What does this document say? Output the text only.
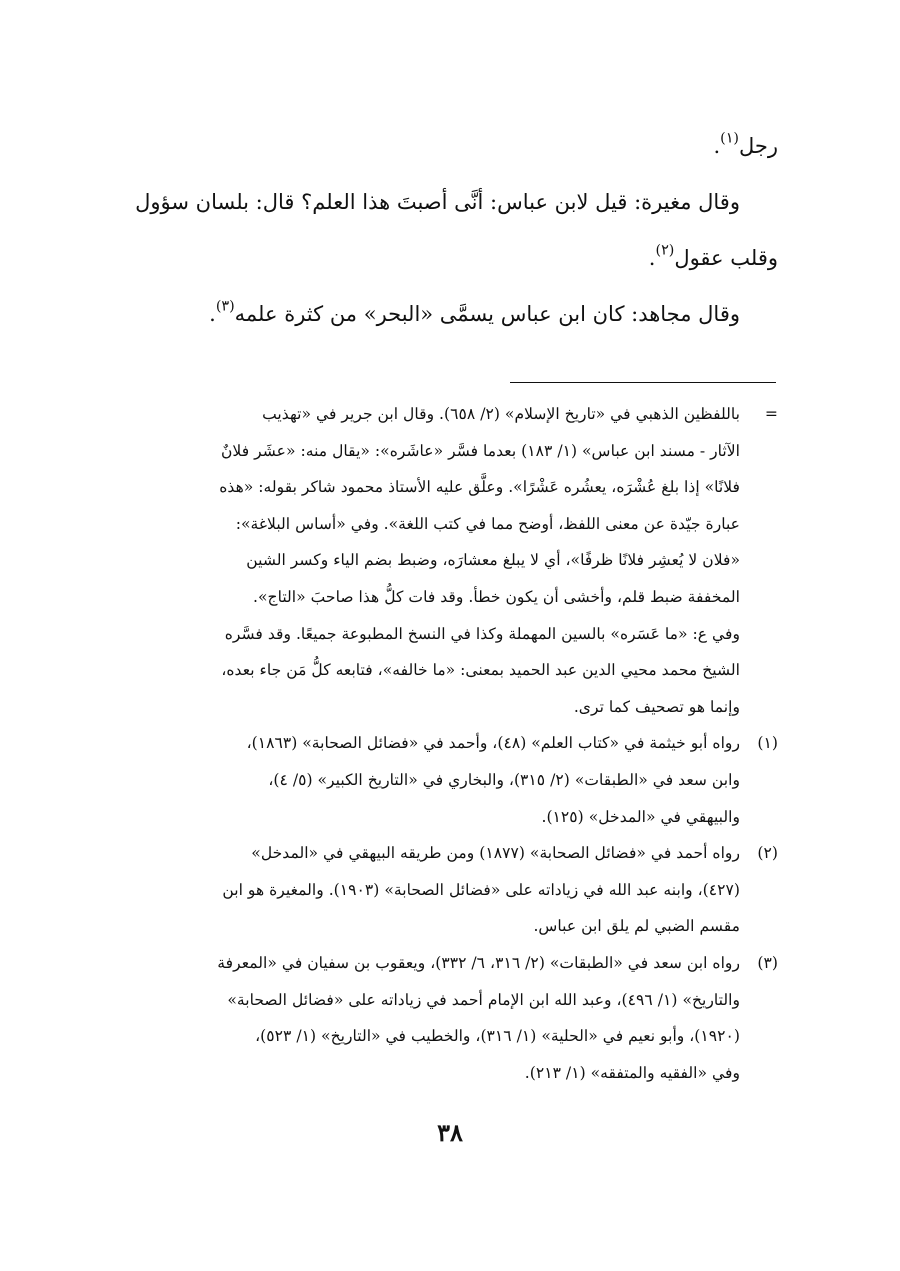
رجل$^{(١)}$.

وقال مغيرة: قيل لابن عباس: أنَّى أصبتَ هذا العلم؟ قال: بلسان سؤول

وقلب عقول$^{(٢)}$.

وقال مجاهد: كان ابن عباس يسمَّى «البحر» من كثرة علمه$^{(٣)}$.

=
باللفظين الذهبي في «تاريخ الإسلام» (٢/ ٦٥٨). وقال ابن جرير في «تهذيب
الآثار - مسند ابن عباس» (١/ ١٨٣) بعدما فسَّر «عاشَره»: «يقال منه: «عشَر فلانٌ
فلانًا» إذا بلغ عُشْرَه، يعشُره عَشْرًا». وعلَّق عليه الأستاذ محمود شاكر بقوله: «هذه
عبارة جيّدة عن معنى اللفظ، أوضح مما في كتب اللغة». وفي «أساس البلاغة»:
«فلان لا يُعشِر فلانًا ظرفًا»، أي لا يبلغ معشارَه، وضبط بضم الياء وكسر الشين
المخففة ضبط قلم، وأخشى أن يكون خطأ. وقد فات كلُّ هذا صاحبَ «التاج».
وفي ع: «ما عَسَره» بالسين المهملة وكذا في النسخ المطبوعة جميعًا. وقد فسَّره
الشيخ محمد محيي الدين عبد الحميد بمعنى: «ما خالفه»، فتابعه كلُّ مَن جاء بعده،
وإنما هو تصحيف كما ترى.
(١)
رواه أبو خيثمة في «كتاب العلم» (٤٨)، وأحمد في «فضائل الصحابة» (١٨٦٣)،
وابن سعد في «الطبقات» (٢/ ٣١٥)، والبخاري في «التاريخ الكبير» (٥/ ٤)،
والبيهقي في «المدخل» (١٢٥).
(٢)
رواه أحمد في «فضائل الصحابة» (١٨٧٧) ومن طريقه البيهقي في «المدخل»
(٤٢٧)، وابنه عبد الله في زياداته على «فضائل الصحابة» (١٩٠٣). والمغيرة هو ابن
مقسم الضبي لم يلق ابن عباس.
(٣)
رواه ابن سعد في «الطبقات» (٢/ ٣١٦، ٦/ ٣٣٢)، ويعقوب بن سفيان في «المعرفة
والتاريخ» (١/ ٤٩٦)، وعبد الله ابن الإمام أحمد في زياداته على «فضائل الصحابة»
(١٩٢٠)، وأبو نعيم في «الحلية» (١/ ٣١٦)، والخطيب في «التاريخ» (١/ ٥٢٣)،
وفي «الفقيه والمتفقه» (١/ ٢١٣).
٣٨
